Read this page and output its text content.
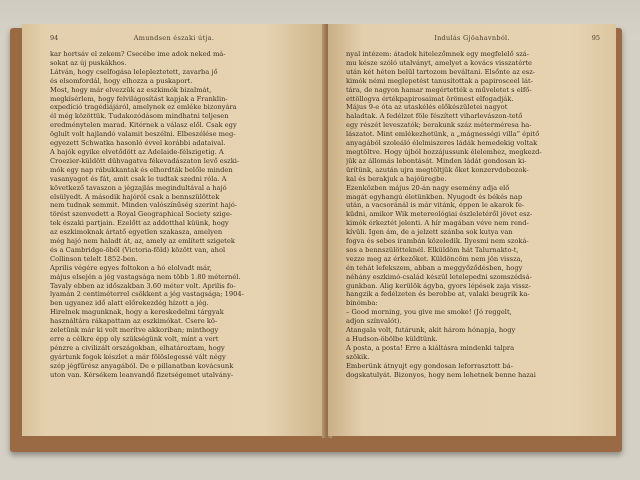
94	Amundsen északi útja.
kar hortsáv el zekem? Csecébe ime adok neked má-
sokat az új puskákhos.
Látván, hogy cselfogása lelepleztetett, zavarba jő
és elsomfordál, hogy elhozza a puskaport.
Most, hogy már elvezzük az eszkimók bizalmát,
megkísérlem, hogy felvilágosítást kapjak a Franklin-
expedíció tragédiájáról, amelynek ez emléke bizonyára
él még közöttük. Tudakozódásom mindhatni teljesen
eredménytelen marad. Kitérnek a válasz elől. Csak egy
öglult volt hajlandó valamit beszélni. Elbeszélése meg-
egyezett Schwatka hasonló évvel korábbi adataival.
A hajók egyike elvetődött az Adelaide-félszigetig. A
Croezier-küldött dühvagatva fékevadászaton levő eszki-
mók egy nap rábukkantak és elhordták belőle minden
vasanyagot és fát, amit csak le tudtak szedni róla. A
következő tavaszon a jégzajlás megindultával a hajó
elsülyedt. A második hajóról csak a bennszülöttek
nem tudnak semmit. Minden valószínűség szerint hajó-
törést szenvedett a Royal Geographical Society szige-
tek északi partjain. Ezelőtt az addotthal küünk, hogy
az eszkimoknak ártatő egyetlen szakasza, amelyen
még hajó nem haladt át, az, amely az említett szigetek
és a Cambridge-öböl (Victoria-föld) között van, ahol
Collinson telelt 1852-ben.
Aprilis végére egyes foltokon a hó elolvadt már,
május elsején a jég vastagsága nem több 1.80 méternél.
Tavaly ebben az időszakban 3.60 méter volt. Aprilis fo-
lyamán 2 centiméterrel csökkent a jég vastagsága; 1904-
ben ugyanez idő alatt előrekezdég hízott a jég.
Hirelnek magunknak, hogy a kereskedelmi tárgyak
használtára rákapattam az eszkimókat. Csere kö-
zeletünk már ki volt merítve akkoriban; minthogy
erre a célkre épp oly szükségünk volt, mint a vert
pénzre a civilizált országokban, elhatároztam, hogy
gyártunk fogok készlet a már fölöslegessé vált négy
szép jégfűrész anyagából. De e pillanatban kovácsunk
uton van. Kérsékem leanvandő fizetségemet utalvány-
Indulás Gjöahavnból.	95
nyal intézem: átadok hitelezőmnek egy megfelelő szá-
mu késze szóló utalványt, amelyet a kovács visszatérte
után két héten belül tartozom beváltani. Elsőnte az esz-
kimók némi meglepetést tanusítottak a papirosceel lát-
tára, de nagyon hamar megértették a műveletet s elfő-
ettöllogva értékpapirosaimat örömest elfogadják.
Május 9-e óta az utaskélés előkészületei nagyot
haladtak. A fedélzet föle fészített viharlevászon-tető
egy részét leveszatók; berakunk száz méterméresa ha-
lászatot. Mint emlékezhetünk, a „mágnességi villa” épitő
anyagából szoleáló élelmiszeres ládák hemedekig voltak
megtöltve. Hogy újból hozzájussunk élelemhez, megkezd-
jük az állomás lebontását. Minden ládát gondosan ki-
ürítünk, azután ujra megtöltjük őket konzervdobozok-
kal és berakjuk a hajóüregbe.
Ezenközben május 20-án nagy esemény adja elő
magát egyhangú életünkben. Nyugodt és békés nap
után, a vacsoránál is már vitánk, éppen le akarok fe-
küdni, amikor Wik metereológiai észleletéről jövet esz-
kimók érkeztét jelenti. A hír magában véve nem rend-
kívüli. Igen ám, de a jelzett szánba sok kutya van
fogva és sebes irambán közeledik. Ilyesmi nem szoká-
sos a bennszülötteknél. Elküldöm hát Talurnakto-t,
vezze meg az érkezőket. Küldöncöm nem jön vissza,
én tehát lefekszem, abban a meggyőződésben, hogy
néhány eszkimó-család készül letelepedni szomszédsá-
gunkban. Alig kerülök ágyba, gyors lépések zaja vissz-
hangzik a fedélzeten és berobbe at, valaki beugrik ka-
binómba:
– Good morning, you give me smoke! (Jó reggelt,
adjon színvalót).
Atangala volt, futárunk, akit három hónapja, hogy
a Hudson-öbölbe küldtünk.
A posta, a posta! Erre a kiáltásra mindenki talpra
szökik.
Emberünk átnyujt egy gondosan leforrasztott bá-
dogskatulyát. Bizonyos, hogy nem lehetnek benne hazai
